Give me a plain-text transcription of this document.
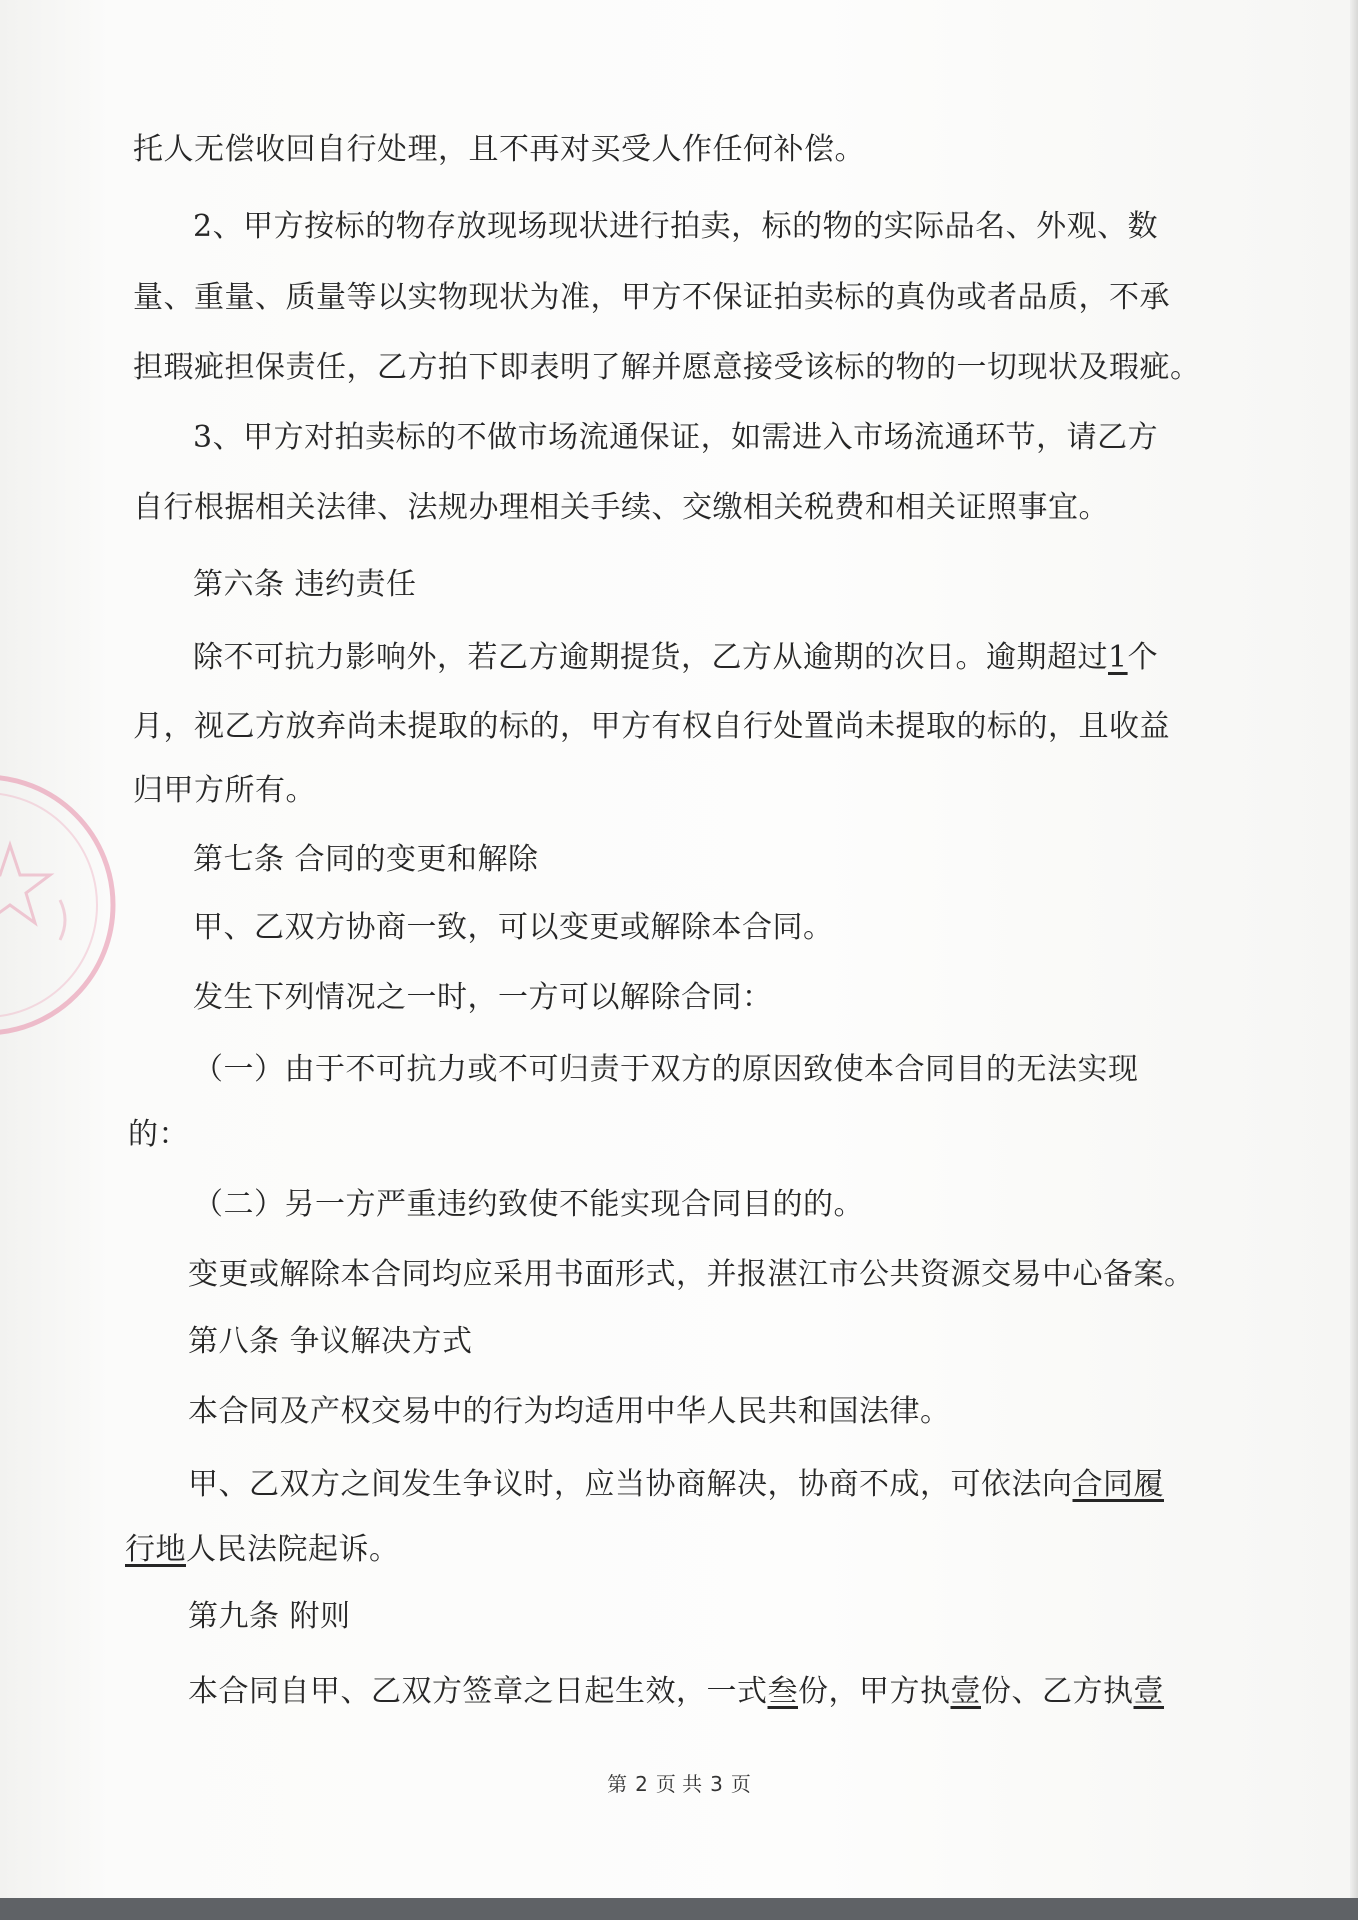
托人无偿收回自行处理，且不再对买受人作任何补偿。
2、甲方按标的物存放现场现状进行拍卖，标的物的实际品名、外观、数
量、重量、质量等以实物现状为准，甲方不保证拍卖标的真伪或者品质，不承
担瑕疵担保责任，乙方拍下即表明了解并愿意接受该标的物的一切现状及瑕疵。
3、甲方对拍卖标的不做市场流通保证，如需进入市场流通环节，请乙方
自行根据相关法律、法规办理相关手续、交缴相关税费和相关证照事宜。
第六条 违约责任
除不可抗力影响外，若乙方逾期提货，乙方从逾期的次日。逾期超过1个
月，视乙方放弃尚未提取的标的，甲方有权自行处置尚未提取的标的，且收益
归甲方所有。
第七条 合同的变更和解除
甲、乙双方协商一致，可以变更或解除本合同。
发生下列情况之一时，一方可以解除合同：
（一）由于不可抗力或不可归责于双方的原因致使本合同目的无法实现
的：
（二）另一方严重违约致使不能实现合同目的的。
变更或解除本合同均应采用书面形式，并报湛江市公共资源交易中心备案。
第八条 争议解决方式
本合同及产权交易中的行为均适用中华人民共和国法律。
甲、乙双方之间发生争议时，应当协商解决，协商不成，可依法向合同履
行地人民法院起诉。
第九条 附则
本合同自甲、乙双方签章之日起生效，一式叁份，甲方执壹份、乙方执壹
第 2 页 共 3 页
